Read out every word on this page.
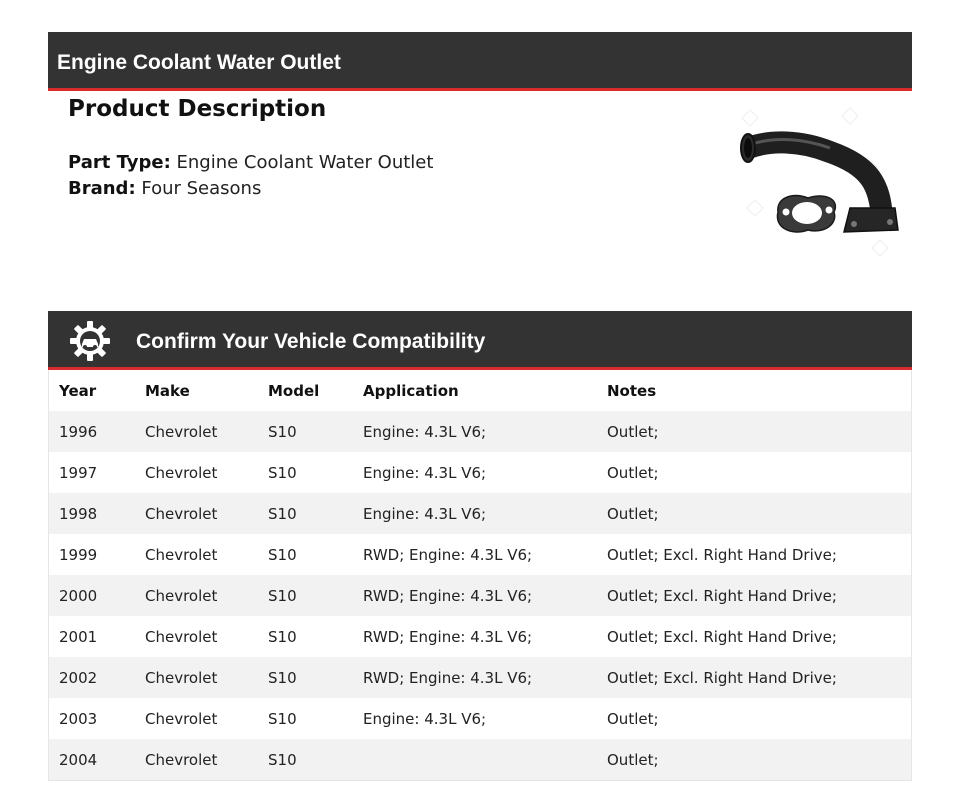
Engine Coolant Water Outlet
Product Description
Part Type: Engine Coolant Water Outlet
Brand: Four Seasons
Confirm Your Vehicle Compatibility
Year	Make	Model	Application	Notes
1996	Chevrolet	S10	Engine: 4.3L V6;	Outlet;
1997	Chevrolet	S10	Engine: 4.3L V6;	Outlet;
1998	Chevrolet	S10	Engine: 4.3L V6;	Outlet;
1999	Chevrolet	S10	RWD; Engine: 4.3L V6;	Outlet; Excl. Right Hand Drive;
2000	Chevrolet	S10	RWD; Engine: 4.3L V6;	Outlet; Excl. Right Hand Drive;
2001	Chevrolet	S10	RWD; Engine: 4.3L V6;	Outlet; Excl. Right Hand Drive;
2002	Chevrolet	S10	RWD; Engine: 4.3L V6;	Outlet; Excl. Right Hand Drive;
2003	Chevrolet	S10	Engine: 4.3L V6;	Outlet;
2004	Chevrolet	S10		Outlet;
